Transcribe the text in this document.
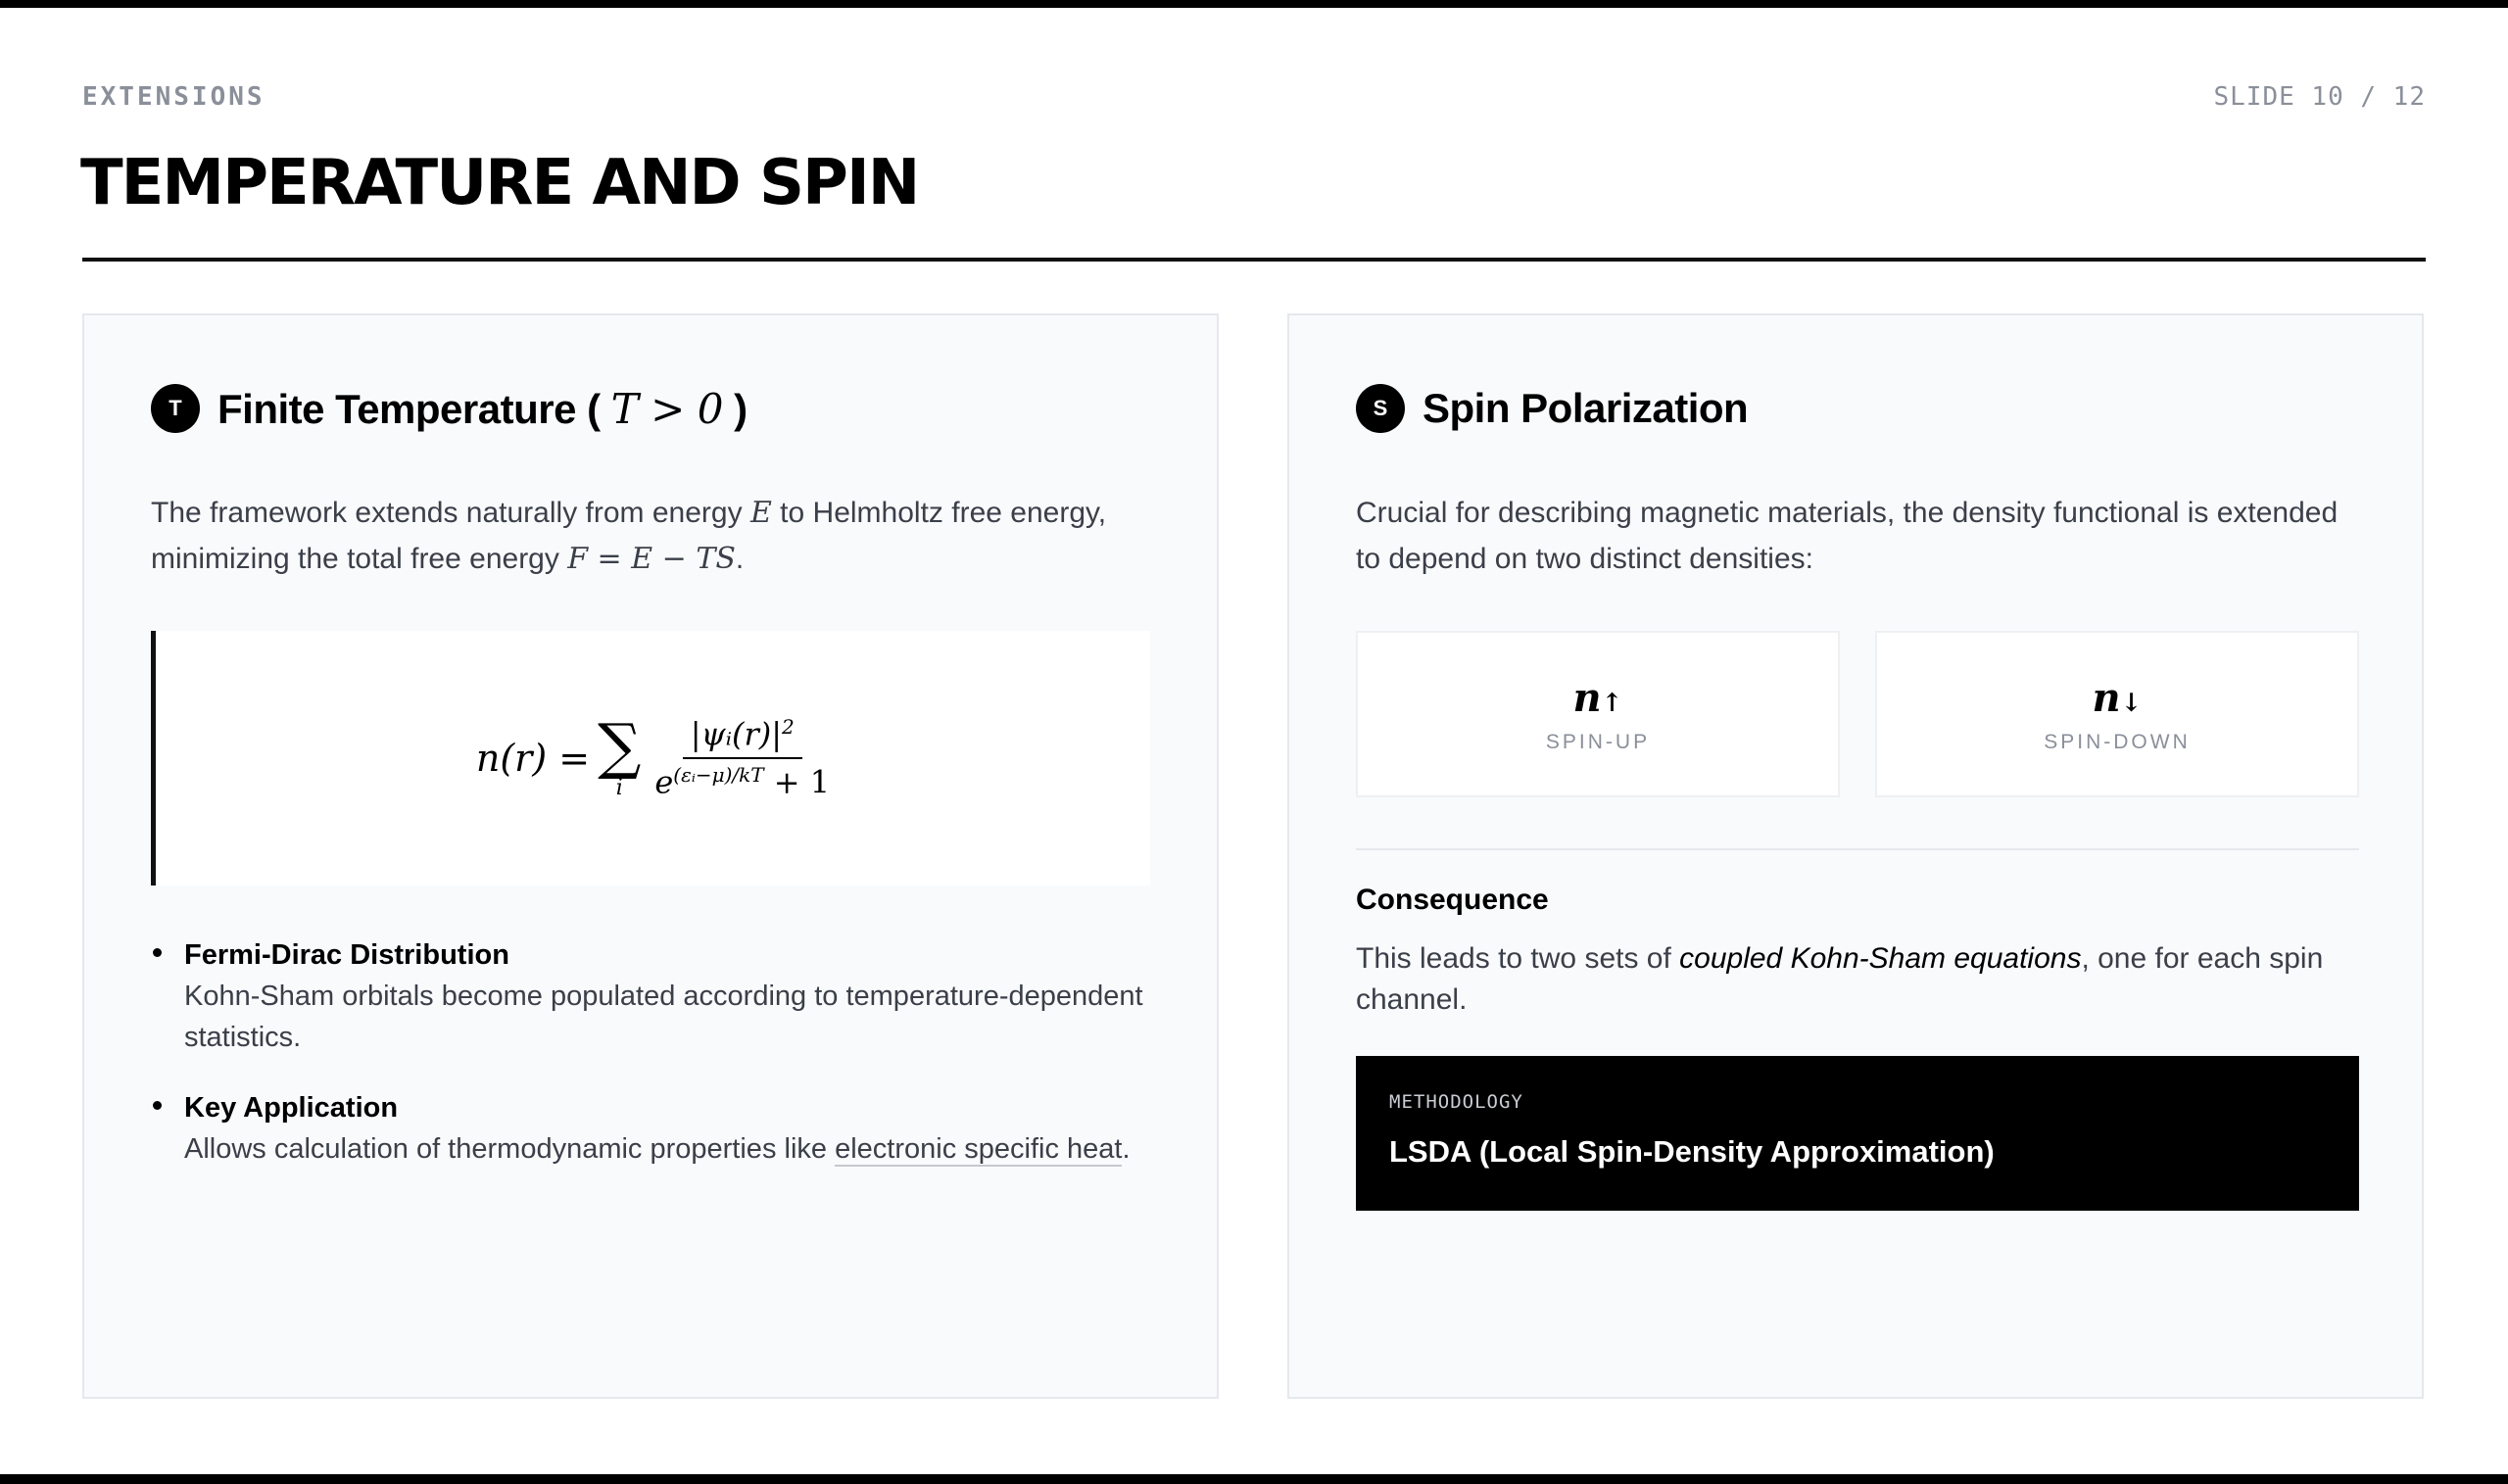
EXTENSIONS	SLIDE 10 / 12
TEMPERATURE AND SPIN
T Finite Temperature ( T > 0 )

The framework extends naturally from energy E to Helmholtz free energy, minimizing the total free energy F = E − TS.

n(r) = ∑
i $\frac{|\psi ᵢ(r)|^2}{e^{(\varepsilon ᵢ-\mu)/kT} + 1}$
Fermi-Dirac Distribution
Kohn-Sham orbitals become populated according to temperature-dependent statistics.
Key Application
Allows calculation of thermodynamic properties like electronic specific heat.
S Spin Polarization

Crucial for describing magnetic materials, the density functional is extended to depend on two distinct densities:

n↑
SPIN-UP
n↓
SPIN-DOWN
Consequence

This leads to two sets of coupled Kohn-Sham equations, one for each spin channel.

METHODOLOGY
LSDA (Local Spin-Density Approximation)
